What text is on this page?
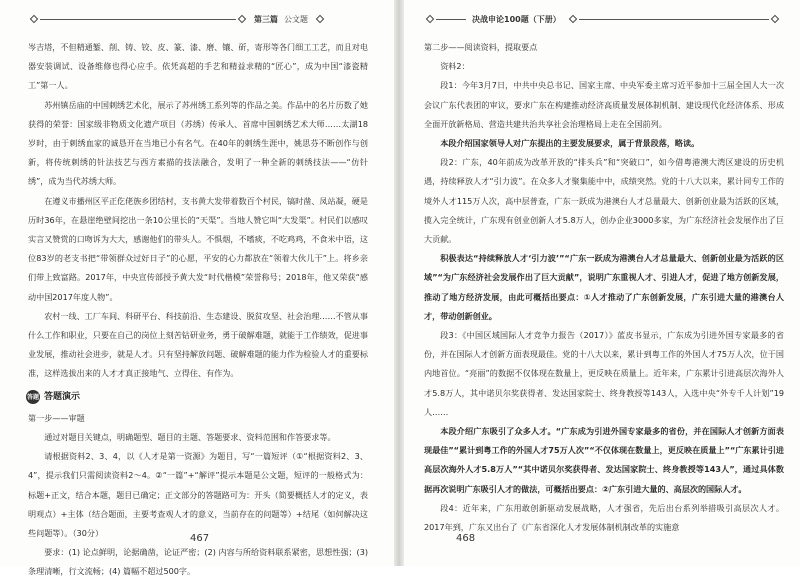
第三篇 公文题

岑吉塔，不但精通錾、削、铸、铰、皮、篆、漆、磨、镶、斫，寄形等各门细工工艺，而且对电器安装调试、设备维修也得心应手。依凭高超的手艺和精益求精的“匠心”，成为中国“漆瓷精工”第一人。

苏州镇岳庙的中国刺绣艺术化，展示了苏州绣工系列等的作品之美。作品中的名片历数了她获得的荣誉：国家级非物质文化遗产项目（苏绣）传承人、首席中国刺绣艺术大师……太湖18岁时，由于刺绣血家的诚恳开在当地已小有名气。在40年的刺绣生涯中，姚思芬不断创作与创新，将传统刺绣的针法技艺与西方素描的技法融合，发明了一种全新的刺绣技法——“仿针绣”，成为当代苏绣大师。

在遵义市播州区平正仡佬族乡团结村，支书黄大发带着数百个村民，镐时凿、凤站凝，硬是历时36年，在悬崖绝壁间挖出一条10公里长的“天渠”。当地人赞它叫“大发渠”。村民们以感叹实言又赞赏的口吻诉为大大，感谢他们的带头人。不惧烟，不嗜痰，不吃鸡鸡，不食米中语，这位83岁的老支书把“带领群众过好日子”的心愿，平安的心力都放在“领着大伙儿干”上。将乡亲们带上致富路。2017年，中央宣传部授予黄大发“时代楷模”荣誉称号；2018年，他又荣获“感动中国2017年度人物”。

农村一线、工厂车间、科研平台、科技前沿、生态建设、脱贫攻坚、社会治理……不管从事什么工作和职业，只要在自己的岗位上刻苦钻研业务，勇于破解难题，就能于工作绩效，促进事业发展，推动社会进步，就是人才。只有坚持解放问题、破解难题的能力作为检验人才的重要标准，这样选拔出来的人才才真正接地气、立得住、有作为。

答题 答题演示

第一步——审题

通过对题目关键点，明确题型、题目的主题、答题要求、资料范围和作答要求等。

请根据资料2、3、4，以《人才是第一资源》为题目，写“一篇短评（①“根据资料2、3、4”，提示我们只需阅读资料2～4。②“一篇”+“解评”提示本题是公文题，短评的一般格式为：标题+正文，结合本题，题目已确定；正文部分的答题路可为：开头（简要概括人才的定义，表明观点）+主体（结合题面，主要考查观人才的意义，当前存在的问题等）+结尾（如何解决这些问题等）。（30分）

要求：(1) 论点鲜明，论据确凿，论证严密；(2) 内容与所给资料联系紧密，思想性强；(3) 条理清晰，行文流畅；(4) 篇幅不超过500字。

467
决战申论100题（下册）

第二步——阅读资料，提取要点

资料2：

段1：今年3月7日，中共中央总书记、国家主席、中央军委主席习近平参加十三届全国人大一次会议广东代表团的审议，要求广东在构建推动经济高质量发展体制机制、建设现代化经济体系、形成全面开放新格局、营造共建共治共享社会治理格局上走在全国前列。

本段介绍国家领导人对广东提出的主要发展要求，属于背景段落，略读。

段2：广东，40年前成为改革开放的“排头兵”和“突破口”，如今借粤港澳大湾区建设的历史机遇，持续释放人才“引力波”。在众多人才聚集能中中，成绩突然。党的十八大以来，累计同专工作的境外人才115万人次，高中层普查，广东一跃成为港澳台人才总量最大、创新创业最为活跃的区域，揽入完全统计，广东现有创业创新人才5.8万人，创办企业3000多家，为广东经济社会发展作出了巨大贡献。

积极表达“持续释放人才‘引力波’”“广东一跃成为港澳台人才总量最大、创新创业最为活跃的区域”“为广东经济社会发展作出了巨大贡献”，说明广东重视人才、引进人才，促进了地方创新发展，推动了地方经济发展，由此可概括出要点：①人才推动了广东创新发展，广东引进大量的港澳台人才，带动创新创业。

段3：《中国区域国际人才竞争力报告（2017）》蓝皮书显示，广东成为引进外国专家最多的省份，并在国际人才创新方面表现最佳。党的十八大以来，累计到粤工作的外国人才75万人次，位于国内地首位。“亮丽”的数据不仅体现在数量上，更反映在质量上。近年来，广东累计引进高层次海外人才5.8万人，其中诺贝尔奖获得者、发达国家院士、终身教授等143人，入选中央“外专千人计划”19人……

本段介绍广东吸引了众多人才。“广东成为引进外国专家最多的省份，并在国际人才创新方面表现最佳”“累计到粤工作的外国人才75万人次”“不仅体现在数量上，更反映在质量上”“广东累计引进高层次海外人才5.8万人”“其中诺贝尔奖获得者、发达国家院士、终身教授等143人”，通过具体数据再次说明广东吸引人才的做法，可概括出要点：②广东引进大量的、高层次的国际人才。

段4：近年来，广东用敢创新驱动发展战略，人才强省，先后出台系列举措吸引高层次人才。2017年到，广东又出台了《广东省深化人才发展体制机制改革的实施意

468
